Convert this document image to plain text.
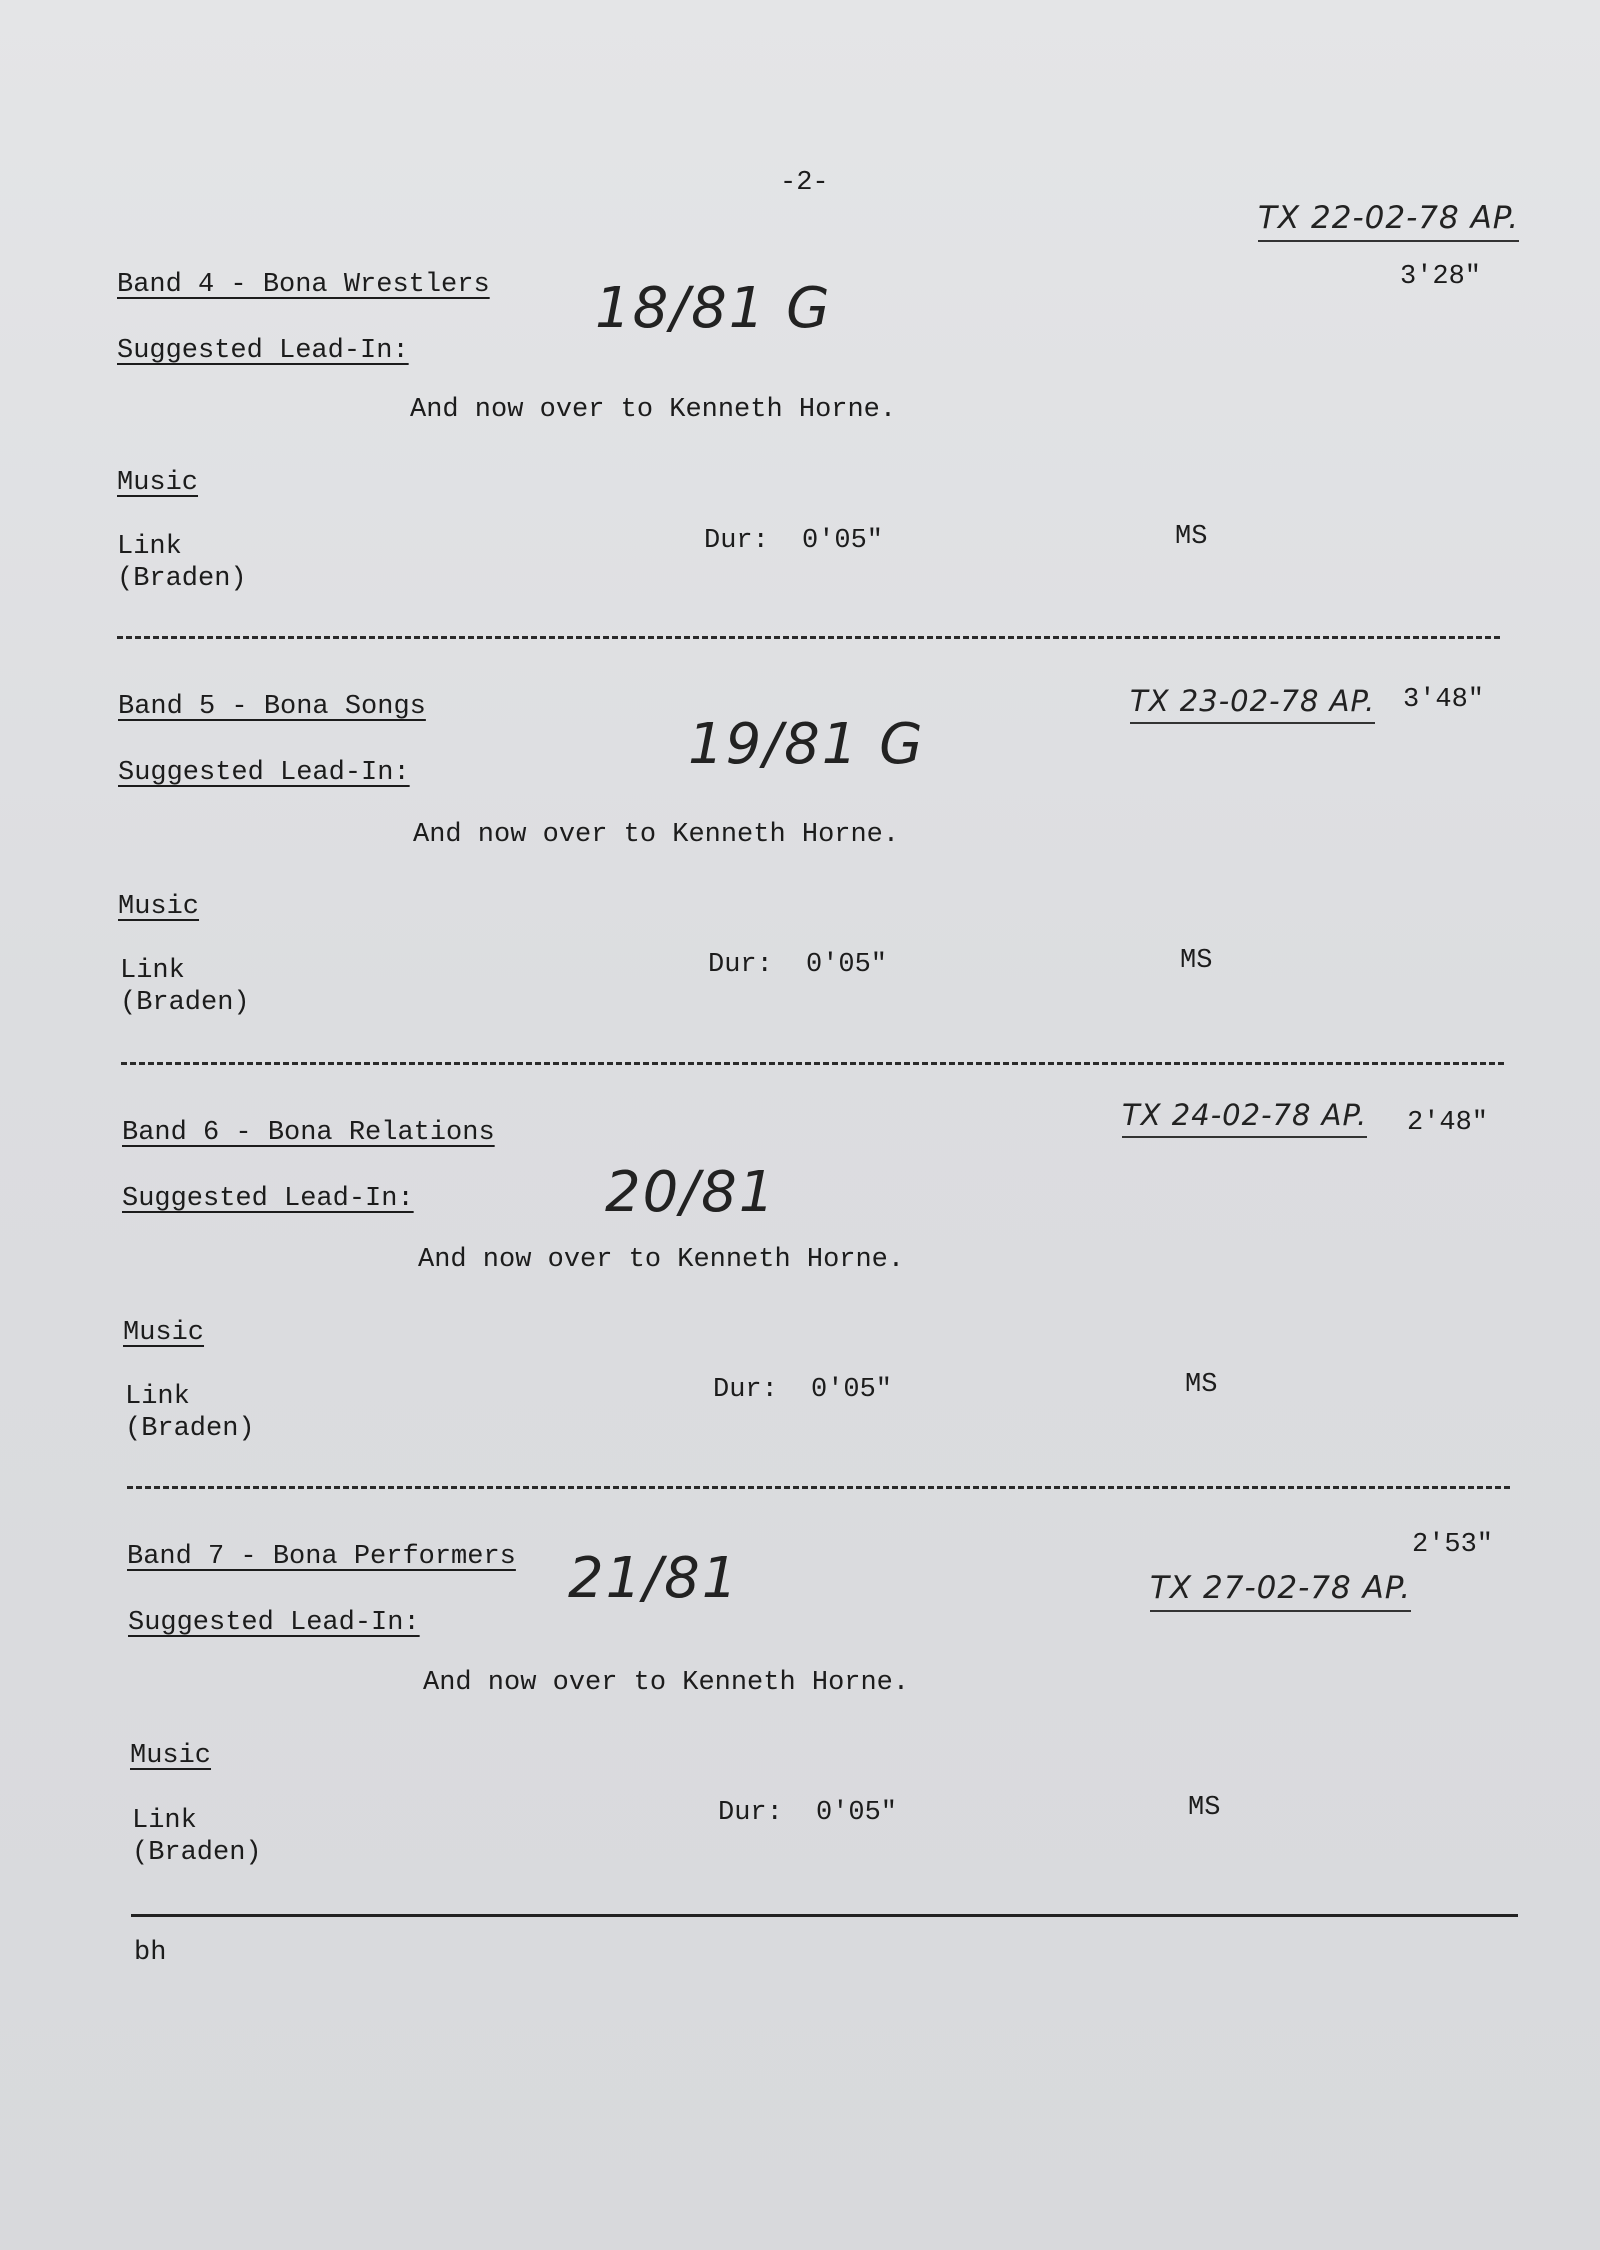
-2-
TX 22-02-78 AP.
3'28"
Band 4 - Bona Wrestlers 18/81 G
Suggested Lead-In:
And now over to Kenneth Horne.
Music
Link
(Braden)
Dur: 0'05"	MS
TX 23-02-78 AP. 3'48"
Band 5 - Bona Songs
19/81 G
Suggested Lead-In:
And now over to Kenneth Horne.
Music
Link
(Braden)
Dur: 0'05"	MS
TX 24-02-78 AP. 2'48"
Band 6 - Bona Relations
20/81
Suggested Lead-In:
And now over to Kenneth Horne.
Music
Link
(Braden)
Dur: 0'05"	MS
2'53"
Band 7 - Bona Performers 21/81	TX 27-02-78 AP.
Suggested Lead-In:
And now over to Kenneth Horne.
Music
Link
(Braden)
Dur: 0'05"	MS
bh
